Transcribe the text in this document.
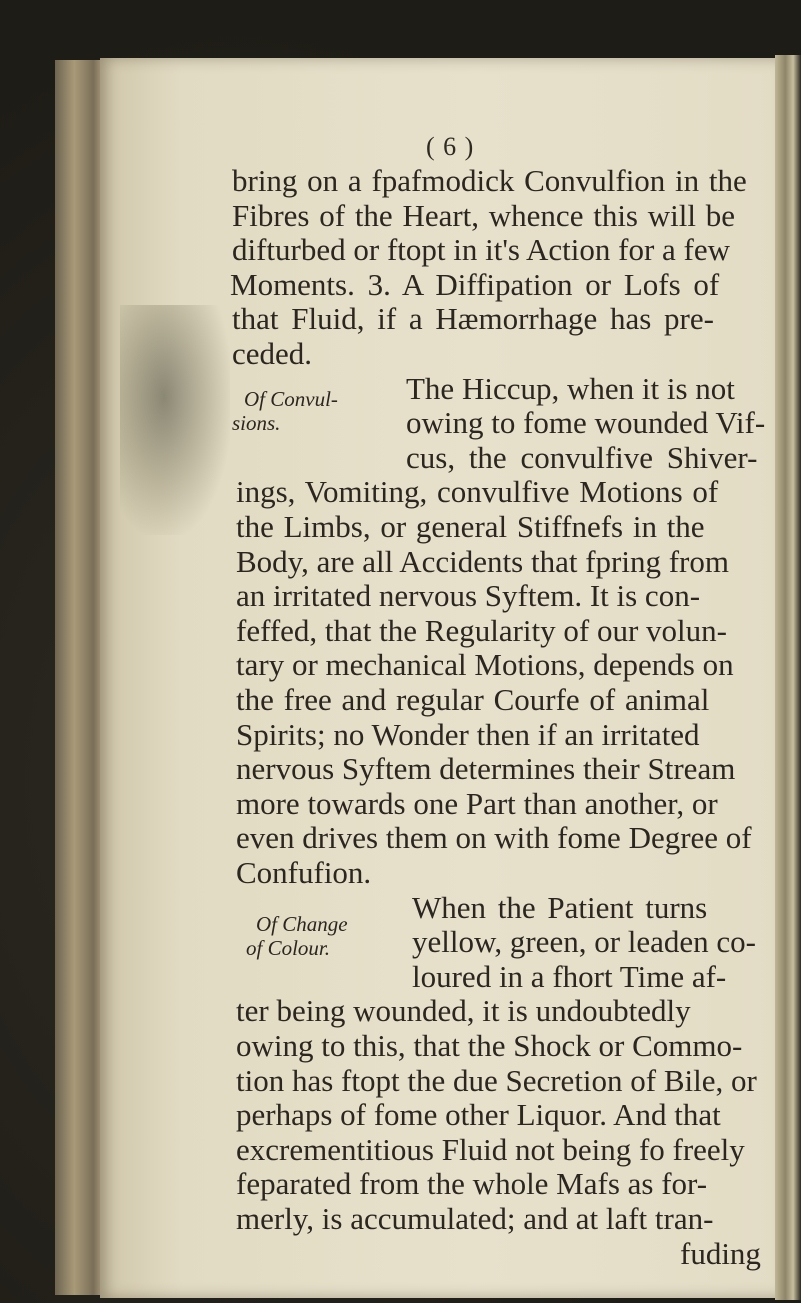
( 6 )

bring on a fpafmodick Convulfion in the

Fibres of the Heart, whence this will be

difturbed or ftopt in it's Action for a few

Moments. 3. A Diffipation or Lofs of

that Fluid, if a Hæmorrhage has pre-

ceded.

The Hiccup, when it is not

owing to fome wounded Vif-

cus, the convulfive Shiver-

ings, Vomiting, convulfive Motions of

the Limbs, or general Stiffnefs in the

Body, are all Accidents that fpring from

an irritated nervous Syftem. It is con-

feffed, that the Regularity of our volun-

tary or mechanical Motions, depends on

the free and regular Courfe of animal

Spirits; no Wonder then if an irritated

nervous Syftem determines their Stream

more towards one Part than another, or

even drives them on with fome Degree of

Confufion.

When the Patient turns

yellow, green, or leaden co-

loured in a fhort Time af-

ter being wounded, it is undoubtedly

owing to this, that the Shock or Commo-

tion has ftopt the due Secretion of Bile, or

perhaps of fome other Liquor. And that

excrementitious Fluid not being fo freely

feparated from the whole Mafs as for-

merly, is accumulated; and at laft tran-

fuding

Of Convul-

sions.

Of Change

of Colour.
